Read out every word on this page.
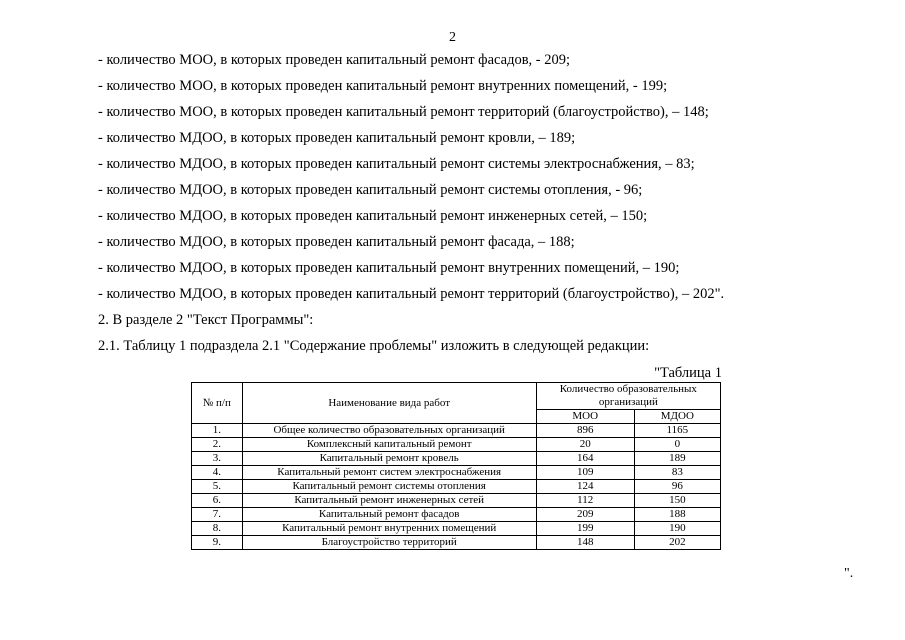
2
- количество МОО, в которых проведен капитальный ремонт фасадов, - 209;
- количество МОО, в которых проведен капитальный ремонт внутренних помещений, - 199;
- количество МОО, в которых проведен капитальный ремонт территорий (благоустройство), – 148;
- количество МДОО, в которых проведен капитальный ремонт кровли, – 189;
- количество МДОО, в которых проведен капитальный ремонт системы электроснабжения, – 83;
- количество МДОО, в которых проведен капитальный ремонт системы отопления, - 96;
- количество МДОО, в которых проведен капитальный ремонт инженерных сетей, – 150;
- количество МДОО, в которых проведен капитальный ремонт фасада, – 188;
- количество МДОО, в которых проведен капитальный ремонт внутренних помещений, – 190;
- количество МДОО, в которых проведен капитальный ремонт территорий (благоустройство), – 202".
2. В разделе 2 "Текст Программы":
2.1. Таблицу 1 подраздела 2.1 "Содержание проблемы" изложить в следующей редакции:
"Таблица 1
№ п/п	Наименование вида работ	Количество образовательных организаций	
		МОО	МДОО
1.	Общее количество образовательных организаций	896	1165
2.	Комплексный капитальный ремонт	20	0
3.	Капитальный ремонт кровель	164	189
4.	Капитальный ремонт систем электроснабжения	109	83
5.	Капитальный ремонт системы отопления	124	96
6.	Капитальный ремонт инженерных сетей	112	150
7.	Капитальный ремонт фасадов	209	188
8.	Капитальный ремонт внутренних помещений	199	190
9.	Благоустройство территорий	148	202
".
